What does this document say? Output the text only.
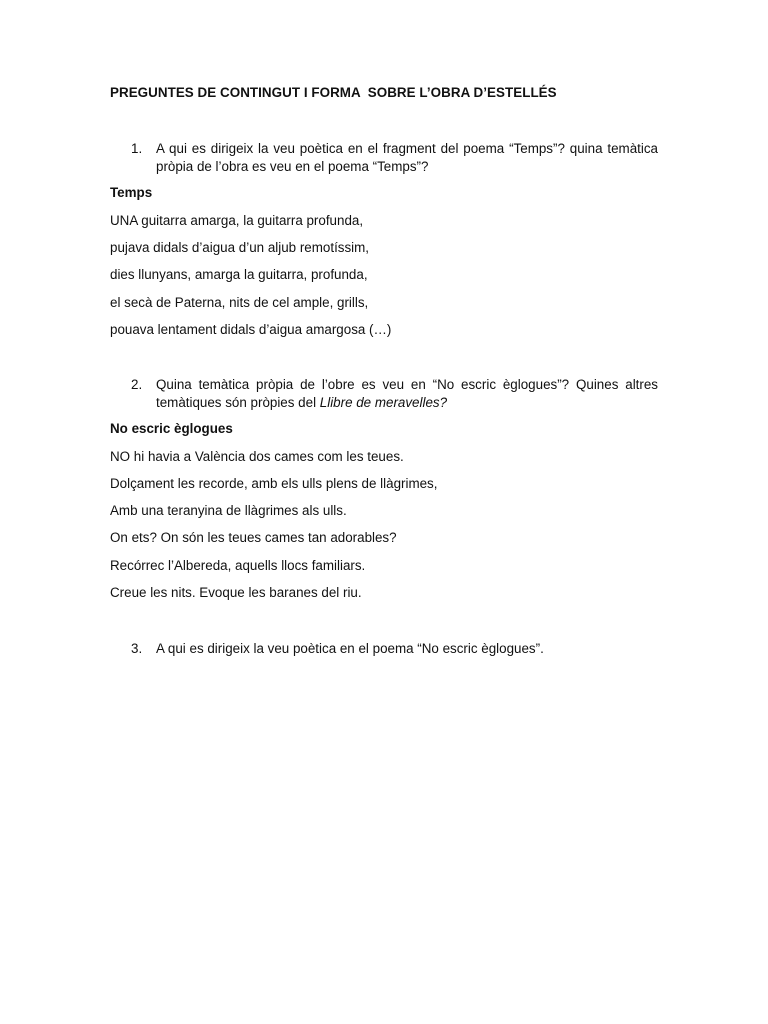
PREGUNTES DE CONTINGUT I FORMA  SOBRE L’OBRA D’ESTELLÉS
1.	A qui es dirigeix la veu poètica en el fragment del poema “Temps”? quina temàtica pròpia de l’obra es veu en el poema “Temps”?
Temps
UNA guitarra amarga, la guitarra profunda,
pujava didals d’aigua d’un aljub remotíssim,
dies llunyans, amarga la guitarra, profunda,
el secà de Paterna, nits de cel ample, grills,
pouava lentament didals d’aigua amargosa (…)
2.	Quina temàtica pròpia de l’obre es veu en “No escric èglogues”? Quines altres temàtiques són pròpies del Llibre de meravelles?
No escric èglogues
NO hi havia a València dos cames com les teues.
Dolçament les recorde, amb els ulls plens de llàgrimes,
Amb una teranyina de llàgrimes als ulls.
On ets? On són les teues cames tan adorables?
Recórrec l’Albereda, aquells llocs familiars.
Creue les nits. Evoque les baranes del riu.
3.	A qui es dirigeix la veu poètica en el poema “No escric èglogues”.
